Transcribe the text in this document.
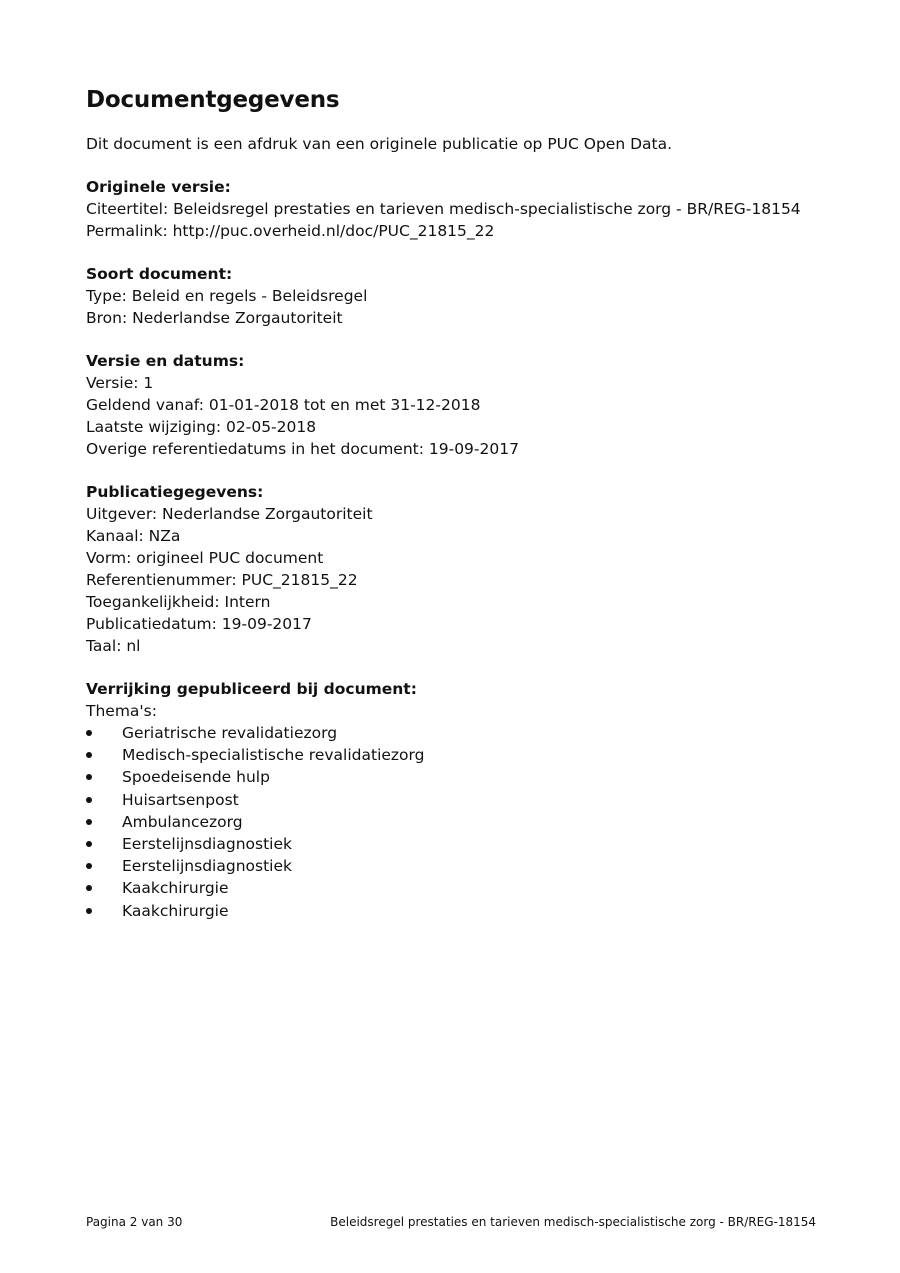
Documentgegevens

Dit document is een afdruk van een originele publicatie op PUC Open Data.

Originele versie:

Citeertitel: Beleidsregel prestaties en tarieven medisch-specialistische zorg - BR/REG-18154
Permalink: http://puc.overheid.nl/doc/PUC_21815_22

Soort document:

Type: Beleid en regels - Beleidsregel
Bron: Nederlandse Zorgautoriteit

Versie en datums:

Versie: 1
Geldend vanaf: 01-01-2018 tot en met 31-12-2018
Laatste wijziging: 02-05-2018
Overige referentiedatums in het document: 19-09-2017

Publicatiegegevens:

Uitgever: Nederlandse Zorgautoriteit
Kanaal: NZa
Vorm: origineel PUC document
Referentienummer: PUC_21815_22
Toegankelijkheid: Intern
Publicatiedatum: 19-09-2017
Taal: nl

Verrijking gepubliceerd bij document:

Thema's:
Geriatrische revalidatiezorg
Medisch-specialistische revalidatiezorg
Spoedeisende hulp
Huisartsenpost
Ambulancezorg
Eerstelijnsdiagnostiek
Eerstelijnsdiagnostiek
Kaakchirurgie
Kaakchirurgie
Pagina 2 van 30	Beleidsregel prestaties en tarieven medisch-specialistische zorg - BR/REG-18154
